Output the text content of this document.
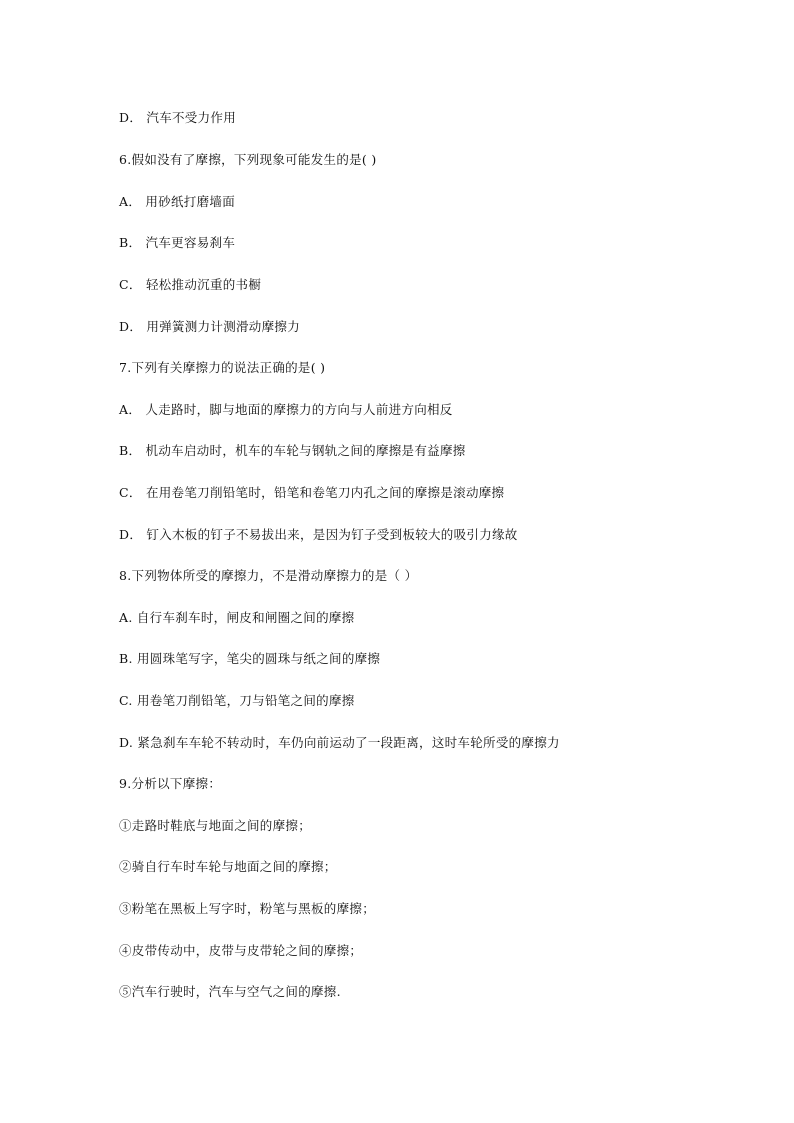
D． 汽车不受力作用
6.假如没有了摩擦，下列现象可能发生的是( )
A． 用砂纸打磨墙面
B． 汽车更容易刹车
C． 轻松推动沉重的书橱
D． 用弹簧测力计测滑动摩擦力
7.下列有关摩擦力的说法正确的是( )
A． 人走路时，脚与地面的摩擦力的方向与人前进方向相反
B． 机动车启动时，机车的车轮与钢轨之间的摩擦是有益摩擦
C． 在用卷笔刀削铅笔时，铅笔和卷笔刀内孔之间的摩擦是滚动摩擦
D． 钉入木板的钉子不易拔出来，是因为钉子受到板较大的吸引力缘故
8.下列物体所受的摩擦力，不是滑动摩擦力的是（ ）
A. 自行车刹车时，闸皮和闸圈之间的摩擦
B. 用圆珠笔写字，笔尖的圆珠与纸之间的摩擦
C. 用卷笔刀削铅笔，刀与铅笔之间的摩擦
D. 紧急刹车车轮不转动时，车仍向前运动了一段距离，这时车轮所受的摩擦力
9.分析以下摩擦：
①走路时鞋底与地面之间的摩擦；
②骑自行车时车轮与地面之间的摩擦；
③粉笔在黑板上写字时，粉笔与黑板的摩擦；
④皮带传动中，皮带与皮带轮之间的摩擦；
⑤汽车行驶时，汽车与空气之间的摩擦.
